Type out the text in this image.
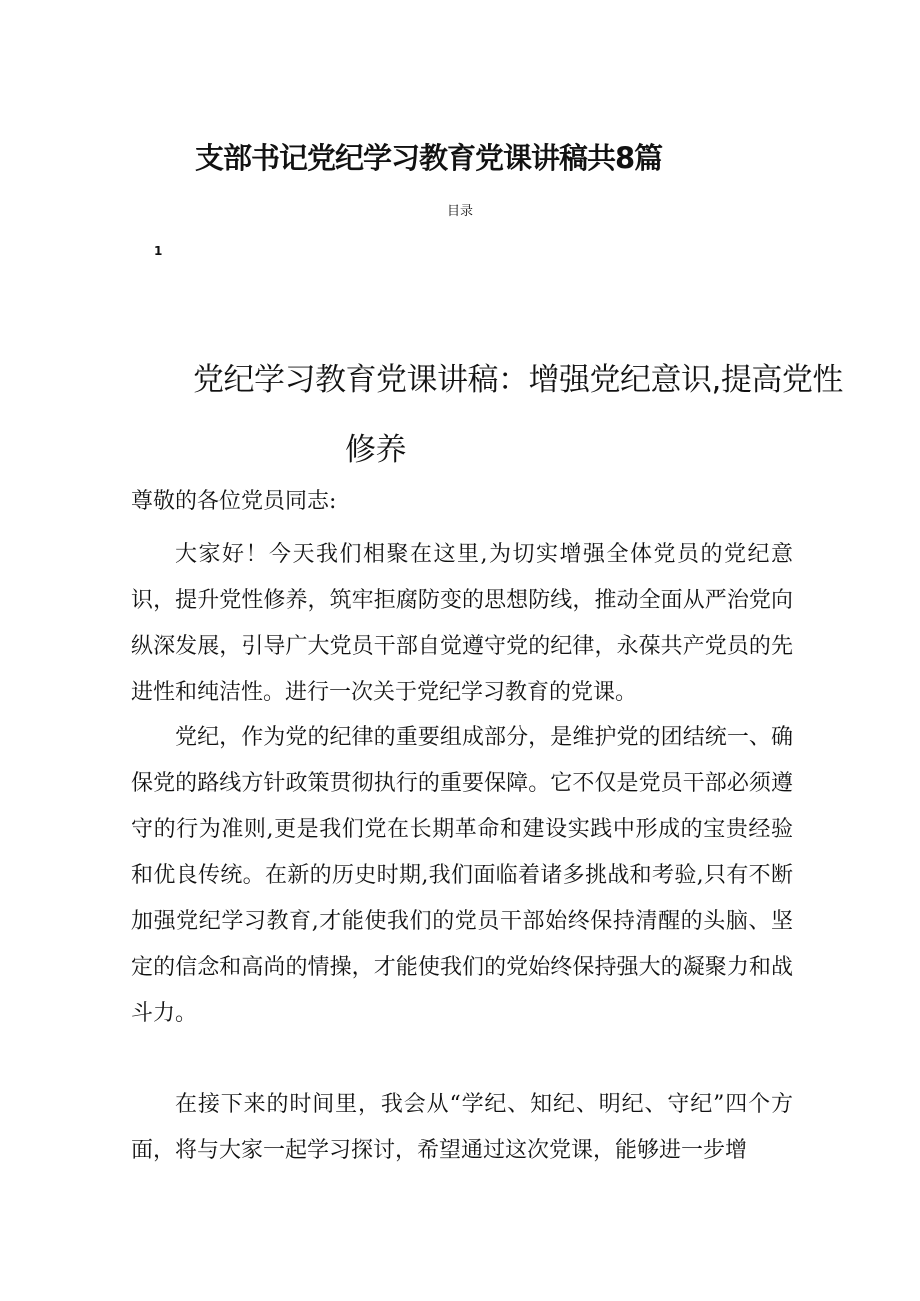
支部书记党纪学习教育党课讲稿共8篇
目录
1
党纪学习教育党课讲稿：增强党纪意识,提高党性
修养
尊敬的各位党员同志:

大家好！今天我们相聚在这里,为切实增强全体党员的党纪意识，提升党性修养，筑牢拒腐防变的思想防线，推动全面从严治党向纵深发展，引导广大党员干部自觉遵守党的纪律，永葆共产党员的先进性和纯洁性。进行一次关于党纪学习教育的党课。

党纪，作为党的纪律的重要组成部分，是维护党的团结统一、确保党的路线方针政策贯彻执行的重要保障。它不仅是党员干部必须遵守的行为准则,更是我们党在长期革命和建设实践中形成的宝贵经验和优良传统。在新的历史时期,我们面临着诸多挑战和考验,只有不断加强党纪学习教育,才能使我们的党员干部始终保持清醒的头脑、坚定的信念和高尚的情操，才能使我们的党始终保持强大的凝聚力和战斗力。

在接下来的时间里，我会从“学纪、知纪、明纪、守纪”四个方面，将与大家一起学习探讨，希望通过这次党课，能够进一步增
